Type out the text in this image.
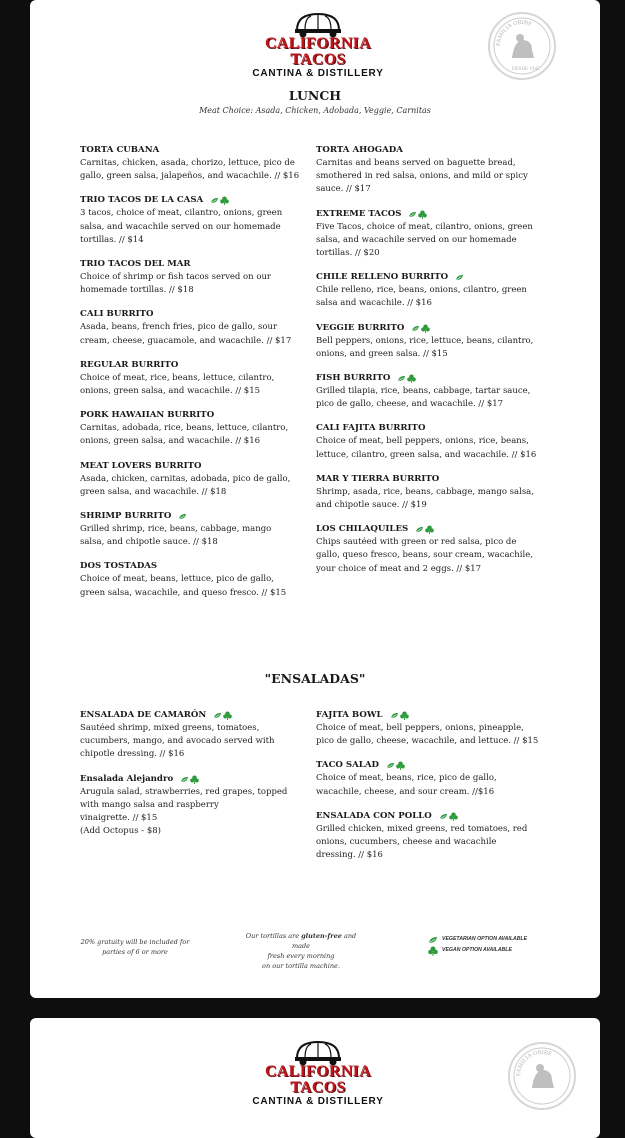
CALIFORNIA TACOS
CANTINA & DISTILLERY
FAMILIA ORIBE
DESDE 1945
LUNCH
Meat Choice: Asada, Chicken, Adobada, Veggie, Carnitas
TORTA CUBANA
Carnitas, chicken, asada, chorizo, lettuce, pico de
gallo, green salsa, jalapeños, and wacachile. // $16
TRIO TACOS DE LA CASA
3 tacos, choice of meat, cilantro, onions, green
salsa, and wacachile served on our homemade
tortillas. // $14
TRIO TACOS DEL MAR
Choice of shrimp or fish tacos served on our
homemade tortillas. // $18
CALI BURRITO
Asada, beans, french fries, pico de gallo, sour
cream, cheese, guacamole, and wacachile. // $17
REGULAR BURRITO
Choice of meat, rice, beans, lettuce, cilantro,
onions, green salsa, and wacachile. // $15
PORK HAWAIIAN BURRITO
Carnitas, adobada, rice, beans, lettuce, cilantro,
onions, green salsa, and wacachile. // $16
MEAT LOVERS BURRITO
Asada, chicken, carnitas, adobada, pico de gallo,
green salsa, and wacachile. // $18
SHRIMP BURRITO
Grilled shrimp, rice, beans, cabbage, mango
salsa, and chipotle sauce. // $18
DOS TOSTADAS
Choice of meat, beans, lettuce, pico de gallo,
green salsa, wacachile, and queso fresco. // $15
TORTA AHOGADA
Carnitas and beans served on baguette bread,
smothered in red salsa, onions, and mild or spicy
sauce. // $17
EXTREME TACOS
Five Tacos, choice of meat, cilantro, onions, green
salsa, and wacachile served on our homemade
tortillas. // $20
CHILE RELLENO BURRITO
Chile relleno, rice, beans, onions, cilantro, green
salsa and wacachile. // $16
VEGGIE BURRITO
Bell peppers, onions, rice, lettuce, beans, cilantro,
onions, and green salsa. // $15
FISH BURRITO
Grilled tilapia, rice, beans, cabbage, tartar sauce,
pico de gallo, cheese, and wacachile. // $17
CALI FAJITA BURRITO
Choice of meat, bell peppers, onions, rice, beans,
lettuce, cilantro, green salsa, and wacachile. // $16
MAR Y TIERRA BURRITO
Shrimp, asada, rice, beans, cabbage, mango salsa,
and chipotle sauce. // $19
LOS CHILAQUILES
Chips sautéed with green or red salsa, pico de
gallo, queso fresco, beans, sour cream, wacachile,
your choice of meat and 2 eggs. // $17
"ENSALADAS"
ENSALADA DE CAMARÓN
Sautéed shrimp, mixed greens, tomatoes,
cucumbers, mango, and avocado served with
chipotle dressing. // $16
Ensalada Alejandro
Arugula salad, strawberries, red grapes, topped
with mango salsa and raspberry
vinaigrette. // $15
(Add Octopus - $8)
FAJITA BOWL
Choice of meat, bell peppers, onions, pineapple,
pico de gallo, cheese, wacachile, and lettuce. // $15
TACO SALAD
Choice of meat, beans, rice, pico de gallo,
wacachile, cheese, and sour cream. //$16
ENSALADA CON POLLO
Grilled chicken, mixed greens, red tomatoes, red
onions, cucumbers, cheese and wacachile
dressing. // $16
20% gratuity will be included for
parties of 6 or more
Our tortillas are gluten-free and made
fresh every morning
on our tortilla machine.
VEGETARIAN OPTION AVAILABLE
VEGAN OPTION AVAILABLE
CALIFORNIA TACOS
CANTINA & DISTILLERY
FAMILIA ORIBE
